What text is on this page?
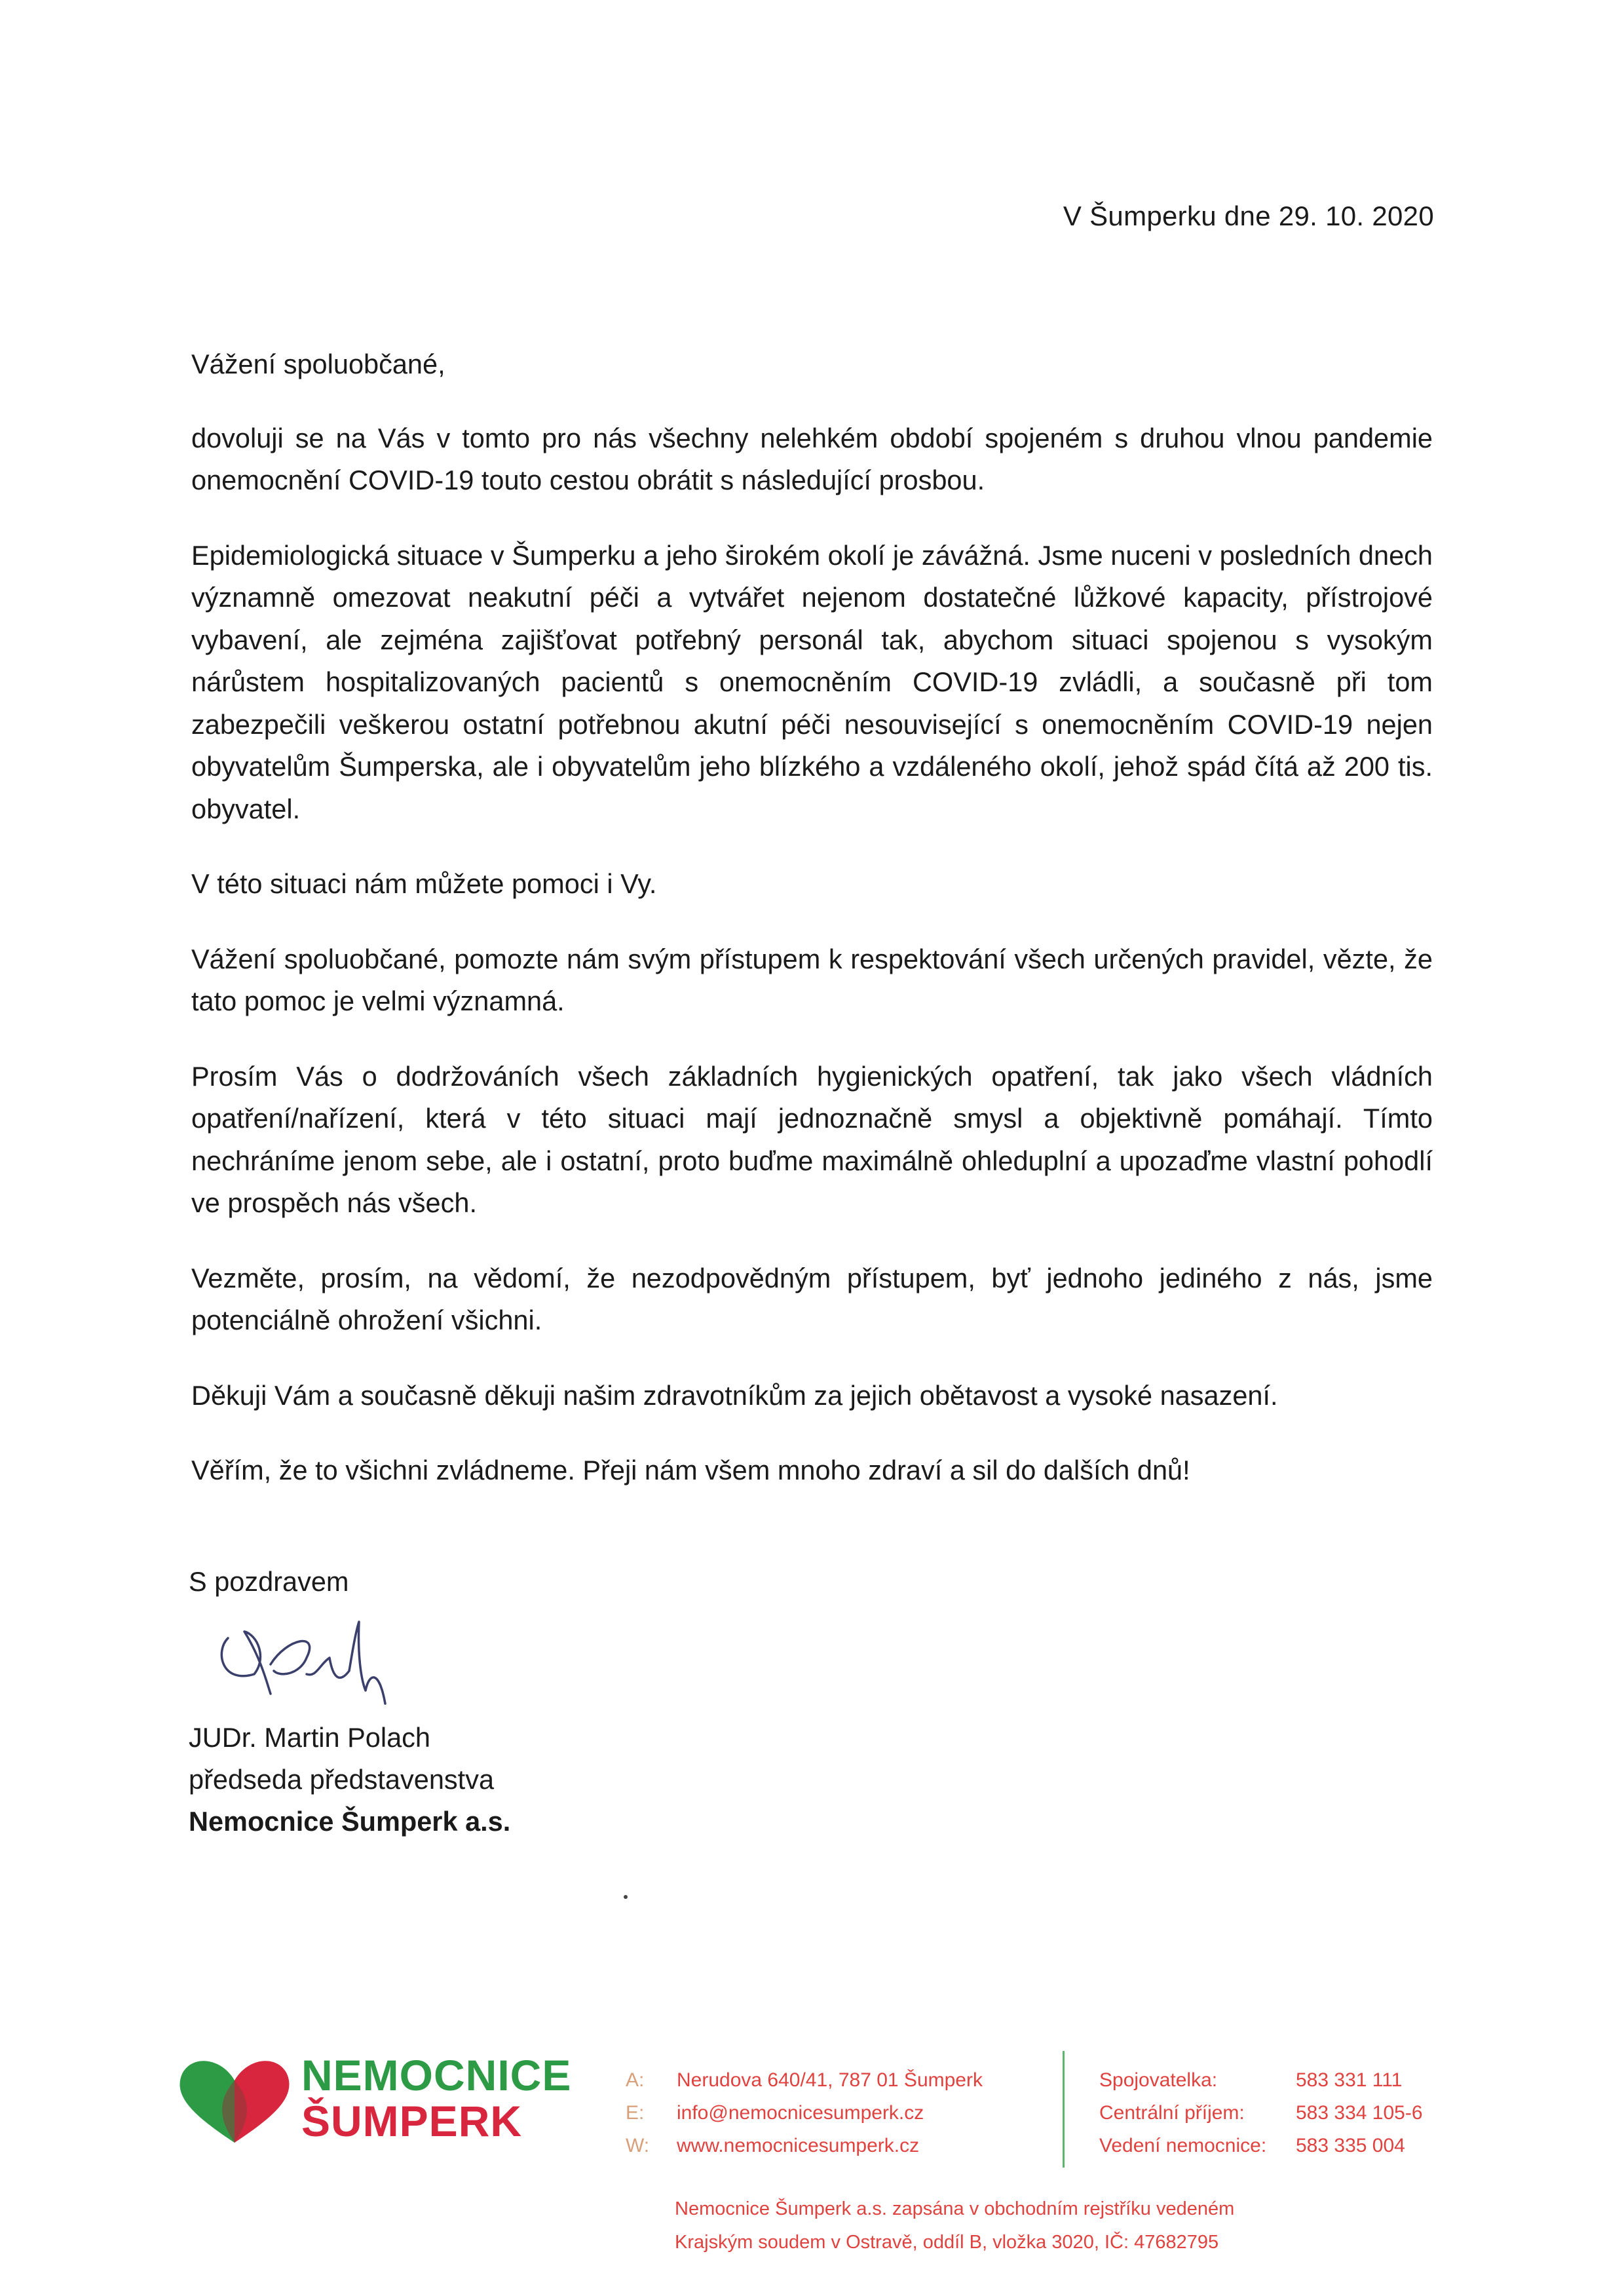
V Šumperku dne 29. 10. 2020

Vážení spoluobčané,

dovoluji se na Vás v tomto pro nás všechny nelehkém období spojeném s druhou vlnou pandemie onemocnění COVID-19 touto cestou obrátit s následující prosbou.

Epidemiologická situace v Šumperku a jeho širokém okolí je závážná. Jsme nuceni v posledních dnech významně omezovat neakutní péči a vytvářet nejenom dostatečné lůžkové kapacity, přístrojové vybavení, ale zejména zajišťovat potřebný personál tak, abychom situaci spojenou s vysokým nárůstem hospitalizovaných pacientů s onemocněním COVID-19 zvládli, a současně při tom zabezpečili veškerou ostatní potřebnou akutní péči nesouvisející s onemocněním COVID-19 nejen obyvatelům Šumperska, ale i obyvatelům jeho blízkého a vzdáleného okolí, jehož spád čítá až 200 tis. obyvatel.

V této situaci nám můžete pomoci i Vy.

Vážení spoluobčané, pomozte nám svým přístupem k respektování všech určených pravidel, vězte, že tato pomoc je velmi významná.

Prosím Vás o dodržováních všech základních hygienických opatření, tak jako všech vládních opatření/nařízení, která v této situaci mají jednoznačně smysl a objektivně pomáhají. Tímto nechráníme jenom sebe, ale i ostatní, proto buďme maximálně ohleduplní a upozaďme vlastní pohodlí ve prospěch nás všech.

Vezměte, prosím, na vědomí, že nezodpovědným přístupem, byť jednoho jediného z nás, jsme potenciálně ohrožení všichni.

Děkuji Vám a současně děkuji našim zdravotníkům za jejich obětavost a vysoké nasazení.

Věřím, že to všichni zvládneme. Přeji nám všem mnoho zdraví a sil do dalších dnů!

S pozdravem
JUDr. Martin Polach
předseda představenstva
Nemocnice Šumperk a.s.
NEMOCNICE
ŠUMPERK
A:	Nerudova 640/41, 787 01 Šumperk
E:	info@nemocnicesumperk.cz
W:	www.nemocnicesumperk.cz
Spojovatelka:	583 331 111
Centrální příjem:	583 334 105-6
Vedení nemocnice:	583 335 004
Nemocnice Šumperk a.s. zapsána v obchodním rejstříku vedeném
Krajským soudem v Ostravě, oddíl B, vložka 3020, IČ: 47682795
